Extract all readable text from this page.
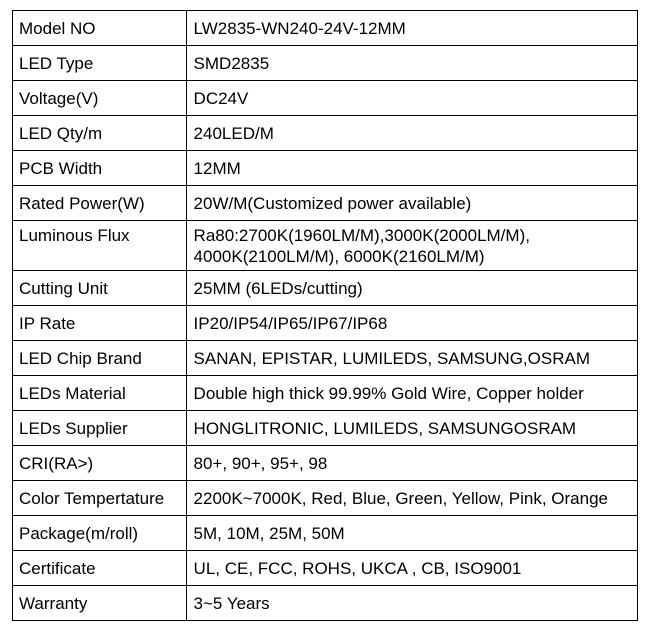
Model NO	LW2835-WN240-24V-12MM

LED Type	SMD2835

Voltage(V)	DC24V

LED Qty/m	240LED/M

PCB Width	12MM

Rated Power(W)	20W/M(Customized power available)

Luminous Flux	Ra80:2700K(1960LM/M),3000K(2000LM/M),
4000K(2100LM/M), 6000K(2160LM/M)

Cutting Unit	25MM (6LEDs/cutting)

IP Rate	IP20/IP54/IP65/IP67/IP68

LED Chip Brand	SANAN, EPISTAR, LUMILEDS, SAMSUNG,OSRAM

LEDs Material	Double high thick 99.99% Gold Wire, Copper holder

LEDs Supplier	HONGLITRONIC, LUMILEDS, SAMSUNGOSRAM

CRI(RA>)	80+, 90+, 95+, 98

Color Tempertature	2200K~7000K, Red, Blue, Green, Yellow, Pink, Orange

Package(m/roll)	5M, 10M, 25M, 50M

Certificate	UL, CE, FCC, ROHS, UKCA , CB, ISO9001

Warranty	3~5 Years
